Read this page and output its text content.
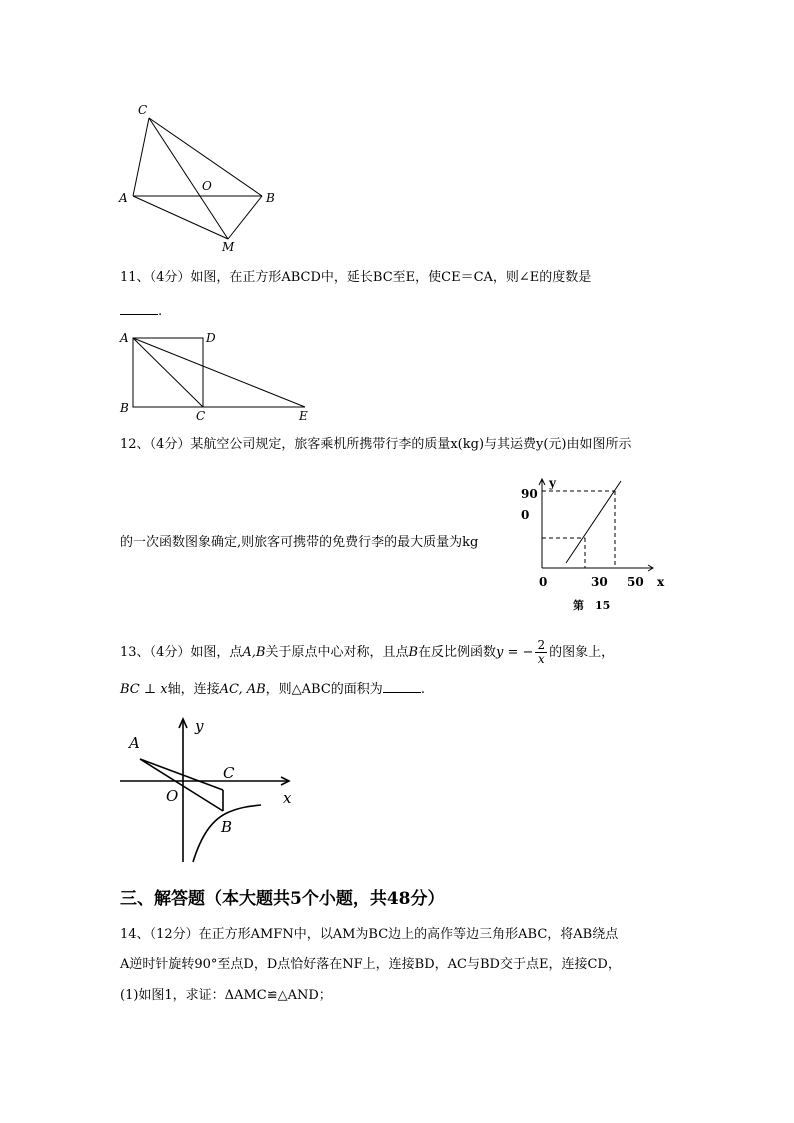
C
O
A	B
M
11、（4分）如图，在正方形ABCD中，延长BC至E，使CE＝CA，则∠E的度数是
.
A	D
B
C	E
12、（4分）某航空公司规定，旅客乘机所携带行李的质量x(kg)与其运费y(元)由如图所示
的一次函数图象确定,则旅客可携带的免费行李的最大质量为kg
y
90
0
0	30 50 x
第　15
13、（4分）如图，点A,B关于原点中心对称，且点B在反比例函数y = − $\frac{2}{x}$ 的图象上，
BC ⊥ x轴，连接AC, AB，则△ABC的面积为	.
y
A
C
O	x
B
三、解答题（本大题共5个小题，共48分）
14、（12分）在正方形AMFN中，以AM为BC边上的高作等边三角形ABC，将AB绕点
A逆时针旋转90°至点D，D点恰好落在NF上，连接BD，AC与BD交于点E，连接CD，
(1)如图1，求证：ΔAMC≌△AND；
